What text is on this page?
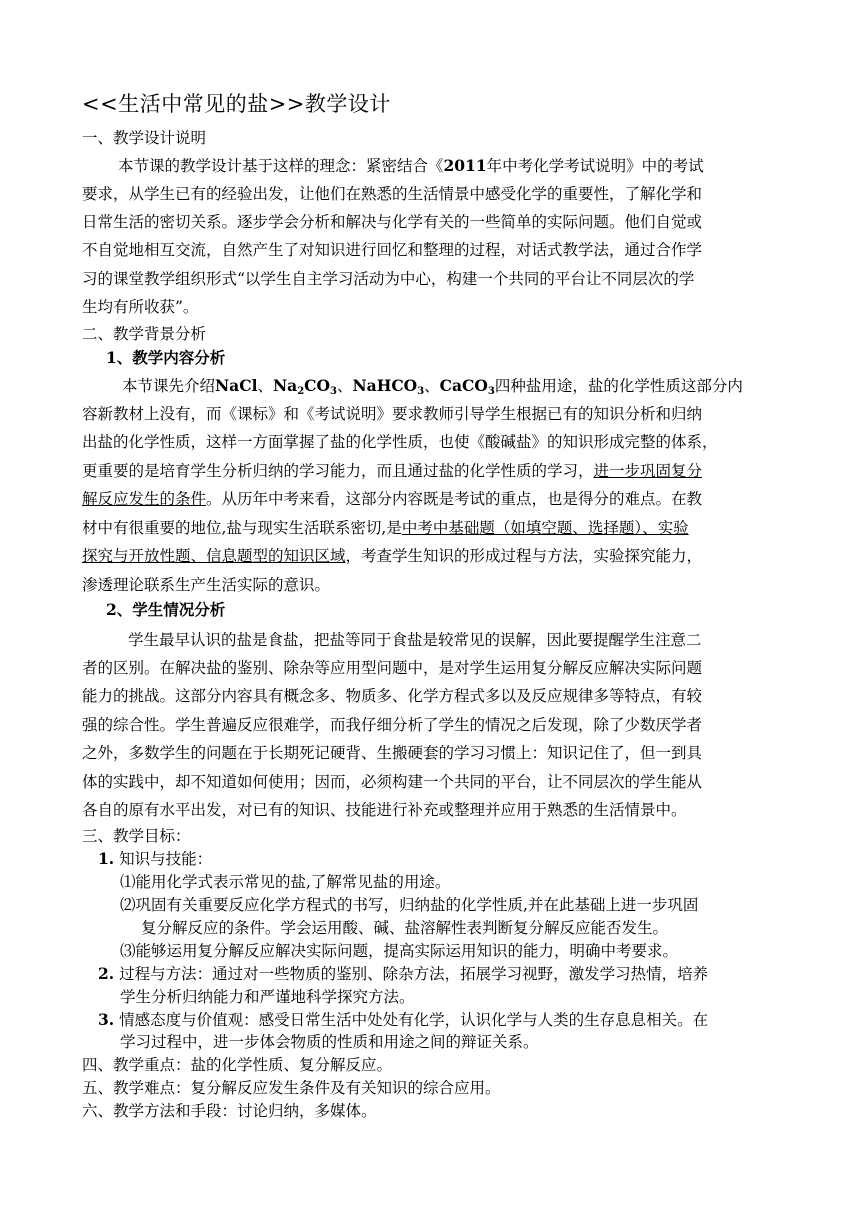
<<生活中常见的盐>>教学设计
一、教学设计说明
本节课的教学设计基于这样的理念：紧密结合《2011年中考化学考试说明》中的考试
要求，从学生已有的经验出发，让他们在熟悉的生活情景中感受化学的重要性，了解化学和
日常生活的密切关系。逐步学会分析和解决与化学有关的一些简单的实际问题。他们自觉或
不自觉地相互交流，自然产生了对知识进行回忆和整理的过程，对话式教学法，通过合作学
习的课堂教学组织形式“以学生自主学习活动为中心，构建一个共同的平台让不同层次的学
生均有所收获”。
二、教学背景分析
1、教学内容分析
本节课先介绍NaCl、$Na_2CO_3$、NaHCO$_3$、CaCO$_3$四种盐用途，盐的化学性质这部分内
容新教材上没有，而《课标》和《考试说明》要求教师引导学生根据已有的知识分析和归纳
出盐的化学性质，这样一方面掌握了盐的化学性质，也使《酸碱盐》的知识形成完整的体系，
更重要的是培育学生分析归纳的学习能力，而且通过盐的化学性质的学习，进一步巩固复分
解反应发生的条件。从历年中考来看，这部分内容既是考试的重点，也是得分的难点。在教
材中有很重要的地位,盐与现实生活联系密切,是中考中基础题（如填空题、选择题）、实验
探究与开放性题、信息题型的知识区域，考查学生知识的形成过程与方法，实验探究能力，
渗透理论联系生产生活实际的意识。
2、学生情况分析
学生最早认识的盐是食盐，把盐等同于食盐是较常见的误解，因此要提醒学生注意二
者的区别。在解决盐的鉴别、除杂等应用型问题中，是对学生运用复分解反应解决实际问题
能力的挑战。这部分内容具有概念多、物质多、化学方程式多以及反应规律多等特点，有较
强的综合性。学生普遍反应很难学，而我仔细分析了学生的情况之后发现，除了少数厌学者
之外，多数学生的问题在于长期死记硬背、生搬硬套的学习习惯上：知识记住了，但一到具
体的实践中，却不知道如何使用；因而，必须构建一个共同的平台，让不同层次的学生能从
各自的原有水平出发，对已有的知识、技能进行补充或整理并应用于熟悉的生活情景中。
三、教学目标：
1. 知识与技能：
⑴能用化学式表示常见的盐,了解常见盐的用途。
⑵巩固有关重要反应化学方程式的书写，归纳盐的化学性质,并在此基础上进一步巩固
复分解反应的条件。学会运用酸、碱、盐溶解性表判断复分解反应能否发生。
⑶能够运用复分解反应解决实际问题，提高实际运用知识的能力，明确中考要求。
2. 过程与方法：通过对一些物质的鉴别、除杂方法，拓展学习视野，激发学习热情，培养
学生分析归纳能力和严谨地科学探究方法。
3. 情感态度与价值观：感受日常生活中处处有化学，认识化学与人类的生存息息相关。在
学习过程中，进一步体会物质的性质和用途之间的辩证关系。
四、教学重点：盐的化学性质、复分解反应。
五、教学难点：复分解反应发生条件及有关知识的综合应用。
六、教学方法和手段：讨论归纳，多媒体。
